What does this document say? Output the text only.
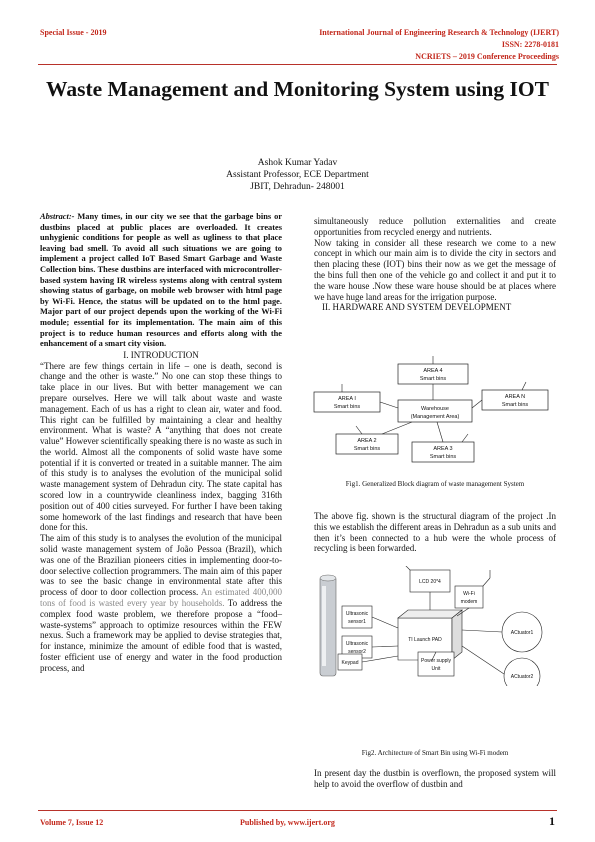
Special Issue - 2019	International Journal of Engineering Research & Technology (IJERT)
ISSN: 2278-0181
NCRIETS – 2019 Conference Proceedings
Waste Management and Monitoring System using IOT
Ashok Kumar Yadav
Assistant Professor, ECE Department
JBIT, Dehradun- 248001

Abstract:- Many times, in our city we see that the garbage bins or dustbins placed at public places are overloaded. It creates unhygienic conditions for people as well as ugliness to that place leaving bad smell. To avoid all such situations we are going to implement a project called IoT Based Smart Garbage and Waste Collection bins. These dustbins are interfaced with microcontroller-based system having IR wireless systems along with central system showing status of garbage, on mobile web browser with html page by Wi-Fi. Hence, the status will be updated on to the html page. Major part of our project depends upon the working of the Wi-Fi module; essential for its implementation. The main aim of this project is to reduce human resources and efforts along with the enhancement of a smart city vision.

I. INTRODUCTION

“There are few things certain in life – one is death, second is change and the other is waste.” No one can stop these things to take place in our lives. But with better management we can prepare ourselves. Here we will talk about waste and waste management. Each of us has a right to clean air, water and food. This right can be fulfilled by maintaining a clear and healthy environment. What is waste? A “anything that does not create value” However scientifically speaking there is no waste as such in the world. Almost all the components of solid waste have some potential if it is converted or treated in a suitable manner. The aim of this study is to analyses the evolution of the municipal solid waste management system of Dehradun city. The state capital has scored low in a countrywide cleanliness index, bagging 316th position out of 400 cities surveyed. For further I have been taking some homework of the last findings and research that have been done for this.

The aim of this study is to analyses the evolution of the municipal solid waste management system of João Pessoa (Brazil), which was one of the Brazilian pioneers cities in implementing door-to-door selective collection programmers. The main aim of this paper was to see the basic change in environmental state after this process of door to door collection process. An estimated 400,000 tons of food is wasted every year by households. To address the complex food waste problem, we therefore propose a “food–waste-systems” approach to optimize resources within the FEW nexus. Such a framework may be applied to devise strategies that, for instance, minimize the amount of edible food that is wasted, foster efficient use of energy and water in the food production process, and

simultaneously reduce pollution externalities and create opportunities from recycled energy and nutrients.

Now taking in consider all these research we come to a new concept in which our main aim is to divide the city in sectors and then placing these (IOT) bins their now as we get the message of the bins full then one of the vehicle go and collect it and put it to the ware house .Now these ware house should be at places where we have huge land areas for the irrigation purpose.

II. HARDWARE AND SYSTEM DEVELOPMENT

AREA 4
Smart bins
AREA I
Smart bins
AREA N
Smart bins
Warehouse
(Management Area)
AREA 2
Smart bins	AREA 3
Smart bins
Fig1. Generalized Block diagram of waste management System

The above fig. shown is the structural diagram of the project .In this we establish the different areas in Dehradun as a sub units and then it’s been connected to a hub were the whole process of recycling is been forwarded.

LCD 20*4
Wi-Fi
modem
Ultrasonic
sensor1
Ultrasonic
sensor2
TI Launch PAD
Keypad	Power supply
Unit
ACtuator1
ACtuator2
Fig2. Architecture of Smart Bin using Wi-Fi modem

In present day the dustbin is overflown, the proposed system will help to avoid the overflow of dustbin and

Volume 7, Issue 12	Published by, www.ijert.org	1
